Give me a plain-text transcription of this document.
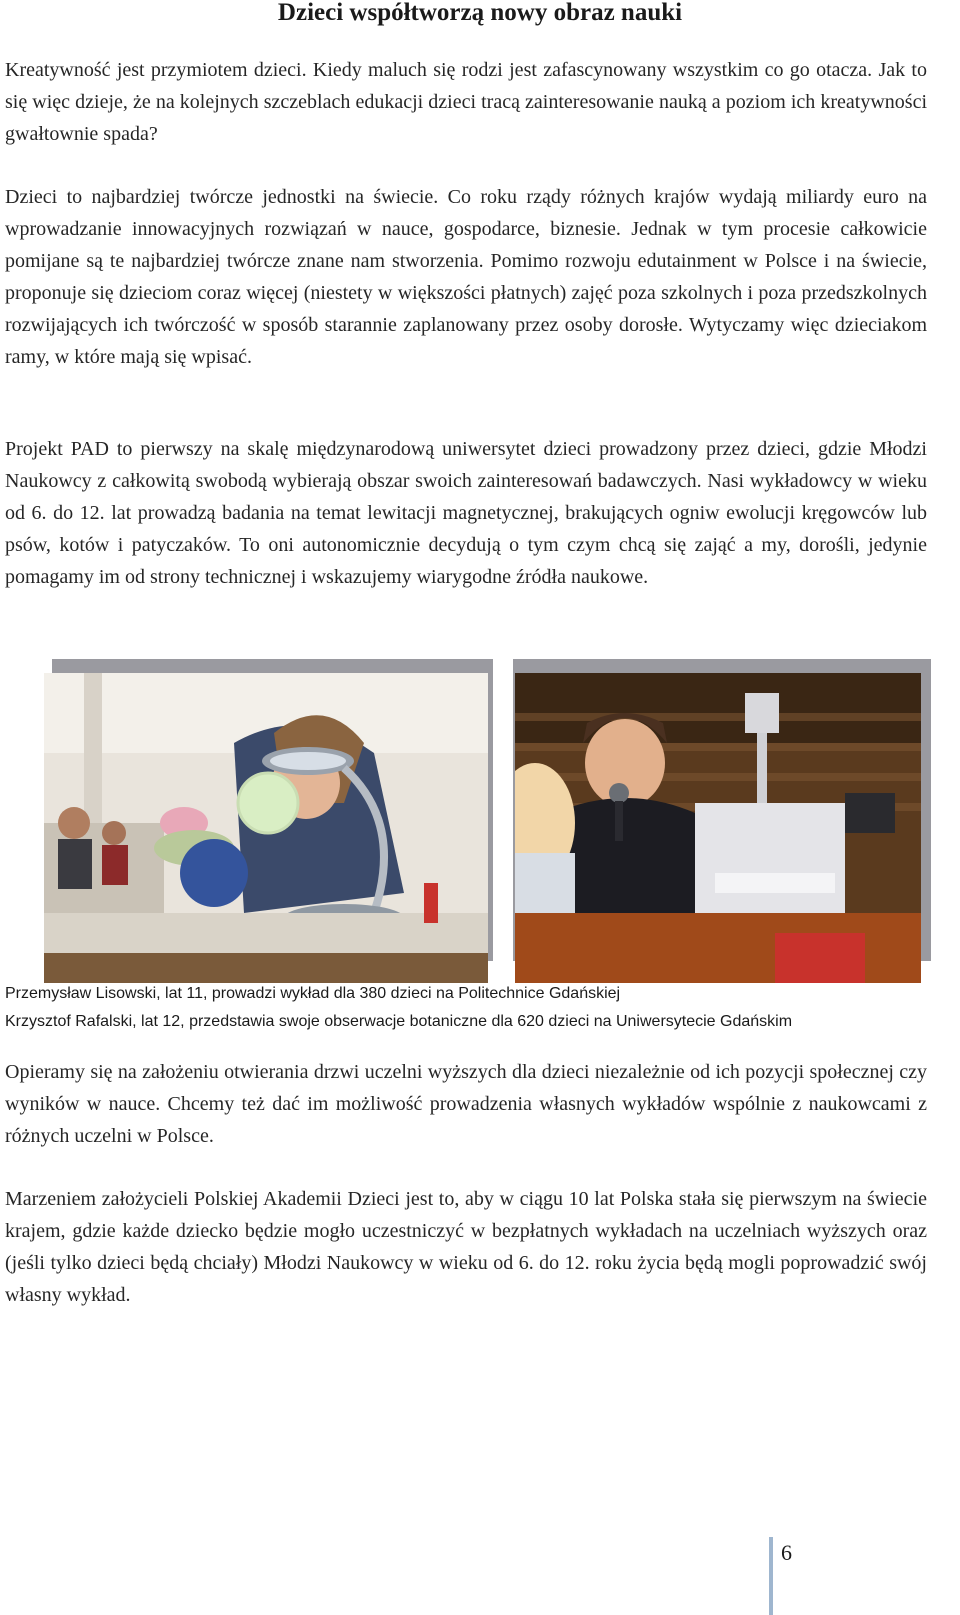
Dzieci współtworzą nowy obraz nauki

Kreatywność jest przymiotem dzieci. Kiedy maluch się rodzi jest zafascynowany wszystkim co go otacza. Jak to się więc dzieje, że na kolejnych szczeblach edukacji dzieci tracą zainteresowanie nauką a poziom ich kreatywności gwałtownie spada?

Dzieci to najbardziej twórcze jednostki na świecie. Co roku rządy różnych krajów wydają miliardy euro na wprowadzanie innowacyjnych rozwiązań w nauce, gospodarce, biznesie. Jednak w tym procesie całkowicie pomijane są te najbardziej twórcze znane nam stworzenia. Pomimo rozwoju edutainment w Polsce i na świecie, proponuje się dzieciom coraz więcej (niestety w większości płatnych) zajęć poza szkolnych i poza przedszkolnych rozwijających ich twórczość w sposób starannie zaplanowany przez osoby dorosłe. Wytyczamy więc dzieciakom ramy, w które mają się wpisać.

Projekt PAD to pierwszy na skalę międzynarodową uniwersytet dzieci prowadzony przez dzieci, gdzie Młodzi Naukowcy z całkowitą swobodą wybierają obszar swoich zainteresowań badawczych. Nasi wykładowcy w wieku od 6. do 12. lat prowadzą badania na temat lewitacji magnetycznej, brakujących ogniw ewolucji kręgowców lub psów, kotów i patyczaków. To oni autonomicznie decydują o tym czym chcą się zająć a my, dorośli, jedynie pomagamy im od strony technicznej i wskazujemy wiarygodne źródła naukowe.

Przemysław Lisowski, lat 11, prowadzi wykład dla 380 dzieci na Politechnice Gdańskiej

Krzysztof Rafalski, lat 12, przedstawia swoje obserwacje botaniczne dla 620 dzieci na Uniwersytecie Gdańskim

Opieramy się na założeniu otwierania drzwi uczelni wyższych dla dzieci niezależnie od ich pozycji społecznej czy wyników w nauce. Chcemy też dać im możliwość prowadzenia własnych wykładów wspólnie z naukowcami z różnych uczelni w Polsce.

Marzeniem założycieli Polskiej Akademii Dzieci jest to, aby w ciągu 10 lat Polska stała się pierwszym na świecie krajem, gdzie każde dziecko będzie mogło uczestniczyć w bezpłatnych wykładach na uczelniach wyższych oraz (jeśli tylko dzieci będą chciały) Młodzi Naukowcy w wieku od 6. do 12. roku życia będą mogli poprowadzić swój własny wykład.

6
